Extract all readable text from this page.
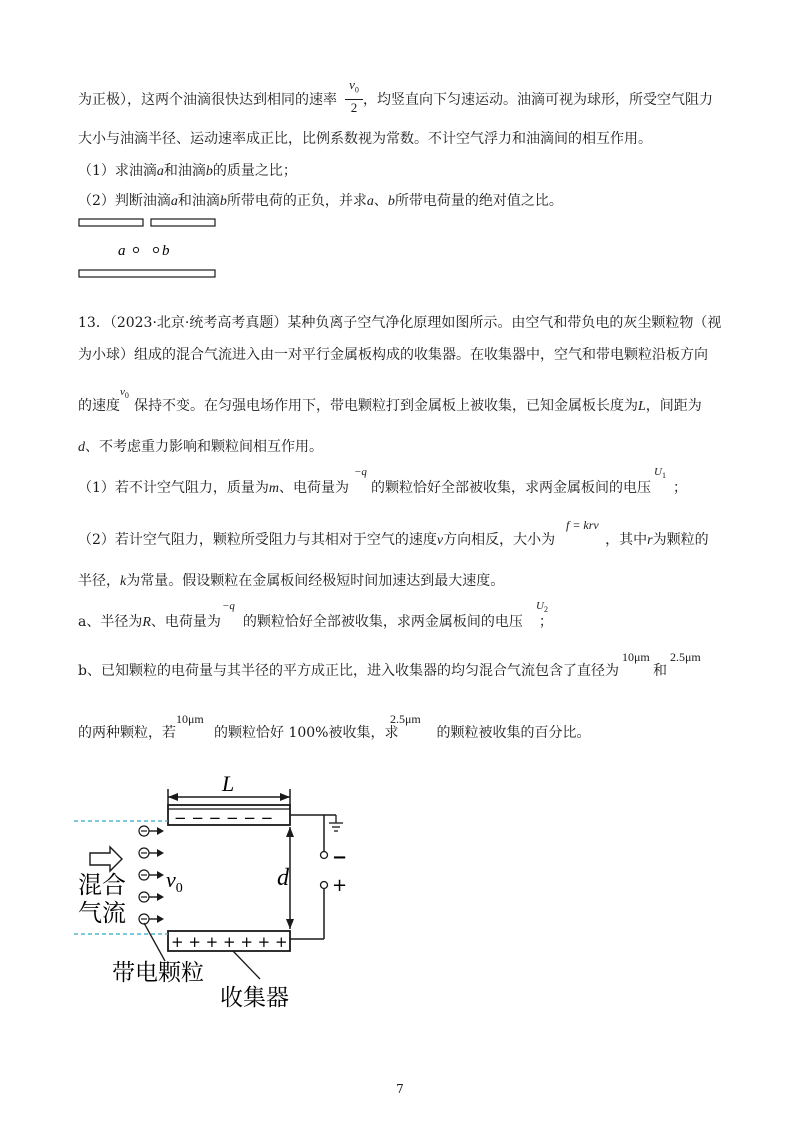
为正极），这两个油滴很快达到相同的速率 ，均竖直向下匀速运动。油滴可视为球形，所受空气阻力
$v_0$
2
大小与油滴半径、运动速率成正比，比例系数视为常数。不计空气浮力和油滴间的相互作用。
（1）求油滴a和油滴b的质量之比；
（2）判断油滴a和油滴b所带电荷的正负，并求a、b所带电荷量的绝对值之比。
a b
13．（2023·北京·统考高考真题）某种负离子空气净化原理如图所示。由空气和带负电的灰尘颗粒物（视
为小球）组成的混合气流进入由一对平行金属板构成的收集器。在收集器中，空气和带电颗粒沿板方向
的速度 保持不变。在匀强电场作用下，带电颗粒打到金属板上被收集，已知金属板长度为L，间距为
$v_0$
d、不考虑重力影响和颗粒间相互作用。
（1）若不计空气阻力，质量为m、电荷量为 的颗粒恰好全部被收集，求两金属板间的电压 ；
−q	$U_1$
（2）若计空气阻力，颗粒所受阻力与其相对于空气的速度v方向相反，大小为	，其中r为颗粒的
f = krv
半径，k为常量。假设颗粒在金属板间经极短时间加速达到最大速度。
a、半径为R、电荷量为 的颗粒恰好全部被收集，求两金属板间的电压 ；
−q	$U_2$
b、已知颗粒的电荷量与其半径的平方成正比，进入收集器的均匀混合气流包含了直径为 和
10μm 2.5μm
的两种颗粒，若	的颗粒恰好 100%被收集，求	的颗粒被收集的百分比。
10μm	2.5μm
L
− − − − − −
+ + + + + + +
$v_0$
混合
气流
d
−
+
带电颗粒
收集器
7
